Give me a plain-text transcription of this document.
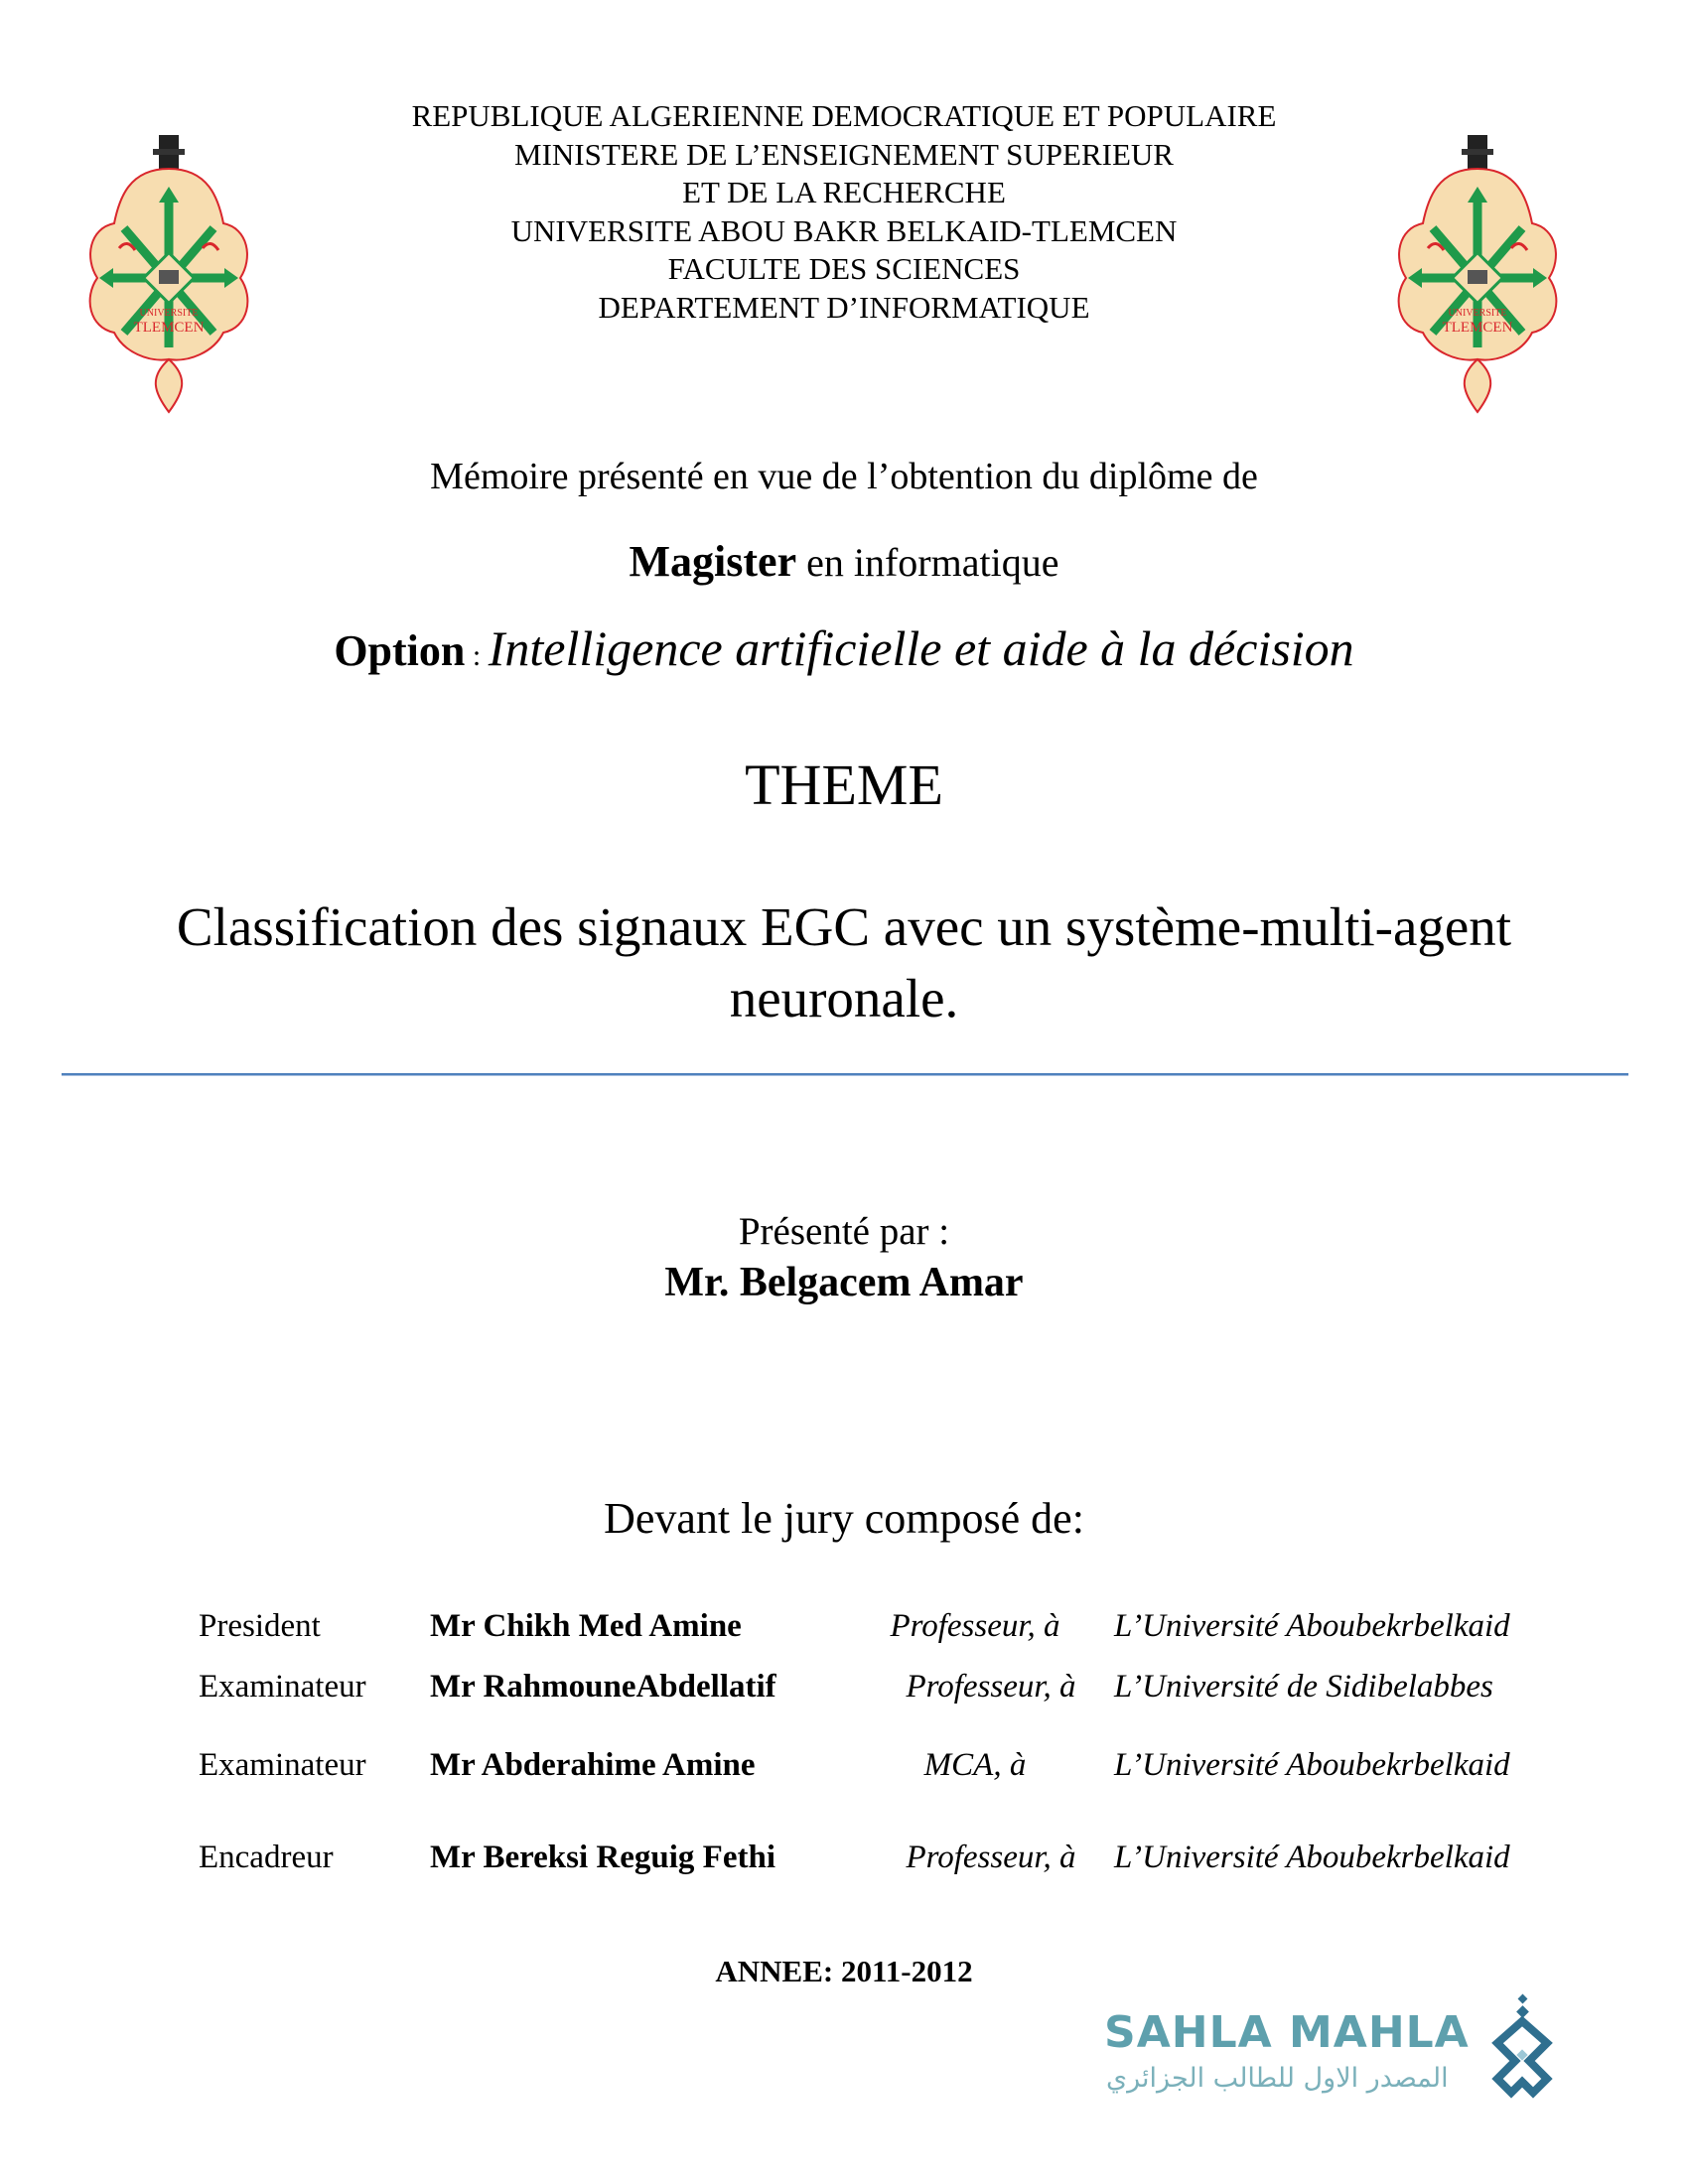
REPUBLIQUE ALGERIENNE DEMOCRATIQUE ET POPULAIRE
MINISTERE DE L’ENSEIGNEMENT SUPERIEUR
ET DE LA RECHERCHE
UNIVERSITE ABOU BAKR BELKAID-TLEMCEN
FACULTE DES SCIENCES
DEPARTEMENT D’INFORMATIQUE
UNIVERSITE
TLEMCEN
UNIVERSITE
TLEMCEN
Mémoire présenté en vue de l’obtention du diplôme de
Magister en informatique
Option : Intelligence artificielle et aide à la décision
THEME
Classification des signaux EGC avec un système-multi-agent
neuronale.
Présenté par :
Mr. Belgacem Amar
Devant le jury composé de:
President	Mr Chikh Med Amine	Professeur, à	L’Université Aboubekrbelkaid
Examinateur Mr RahmouneAbdellatif	Professeur, à	L’Université de Sidibelabbes
Examinateur Mr Abderahime Amine	MCA, à	L’Université Aboubekrbelkaid
Encadreur	Mr Bereksi Reguig Fethi	Professeur, à	L’Université Aboubekrbelkaid
ANNEE: 2011-2012
SAHLA MAHLA
المصدر الاول للطالب الجزائري
